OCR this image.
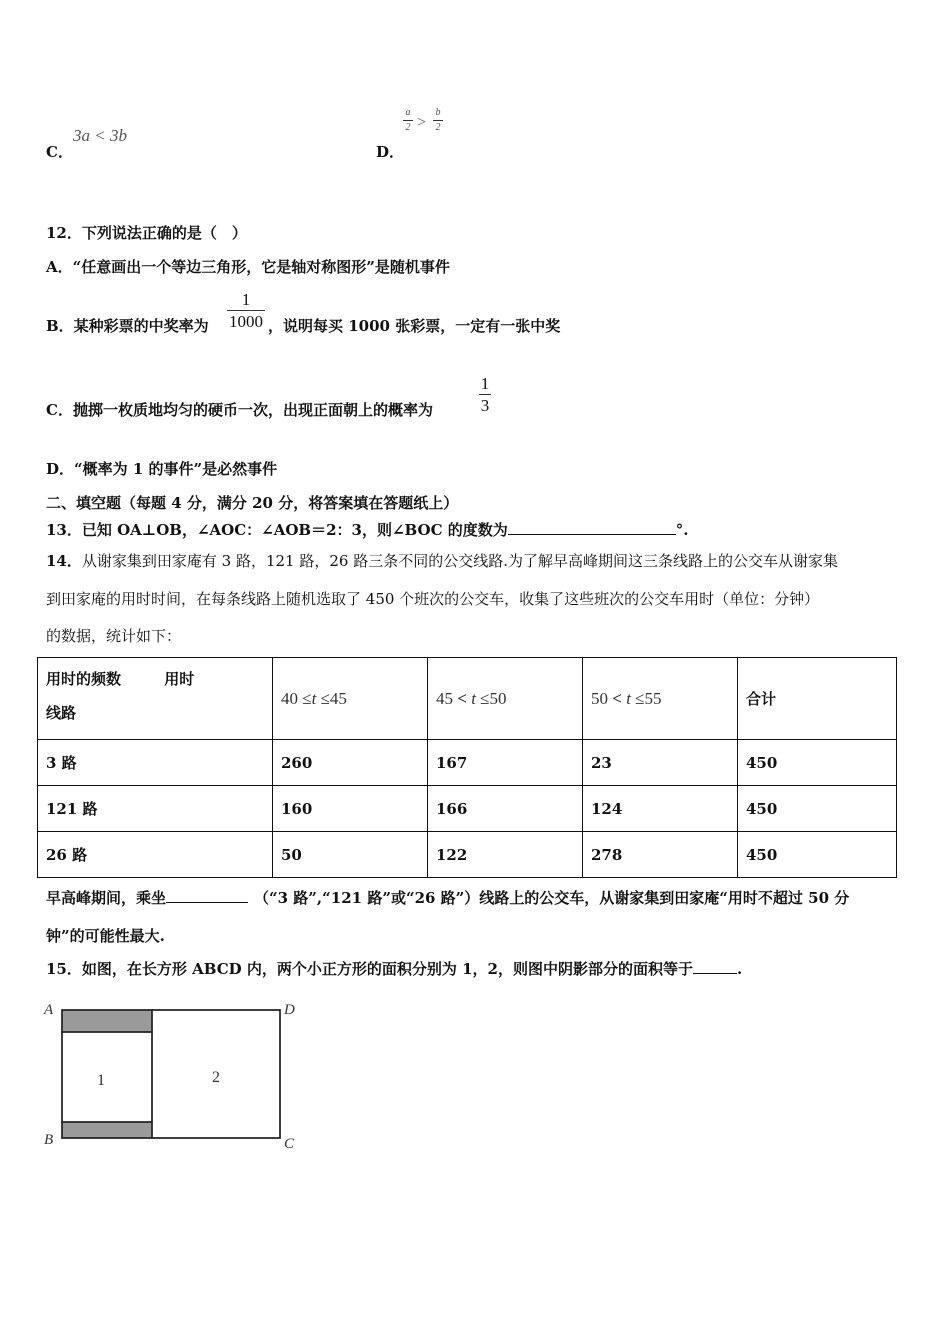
C．
3a < 3b
D．
a
2 >
b
2
12．下列说法正确的是（　）
A．“任意画出一个等边三角形，它是轴对称图形”是随机事件
B．某种彩票的中奖率为
1
1000 ，说明每买 1000 张彩票，一定有一张中奖
C．抛掷一枚质地均匀的硬币一次，出现正面朝上的概率为
1
3
D．“概率为 1 的事件”是必然事件
二、填空题（每题 4 分，满分 20 分，将答案填在答题纸上）
13．已知 OA⊥OB，∠AOC：∠AOB＝2：3，则∠BOC 的度数为	°.
14．从谢家集到田家庵有 3 路，121 路，26 路三条不同的公交线路.为了解早高峰期间这三条线路上的公交车从谢家集
到田家庵的用时时间，在每条线路上随机选取了 450 个班次的公交车，收集了这些班次的公交车用时（单位：分钟）
的数据，统计如下：
用时的频数 用时
线路	40 ≤t ≤45	45 < t ≤50	50 < t ≤55	合计
3 路	260	167	23	450
121 路	160	166	124	450
26 路	50	122	278	450
早高峰期间，乘坐	（“3 路”,“121 路”或“26 路”）线路上的公交车，从谢家集到田家庵“用时不超过 50 分
钟”的可能性最大.
15．如图，在长方形 ABCD 内，两个小正方形的面积分别为 1，2，则图中阴影部分的面积等于	.
A
B	C
D
1	2
